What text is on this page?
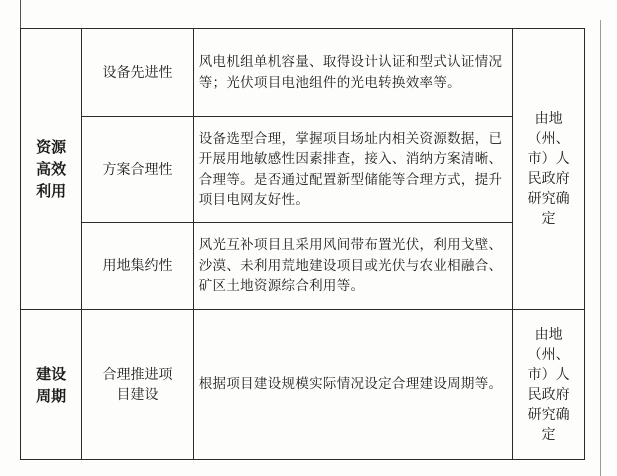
资源高效利用	设备先进性	风电机组单机容量、取得设计认证和型式认证情况等；光伏项目电池组件的光电转换效率等。	由地（州、市）人民政府研究确定
	方案合理性	设备选型合理，掌握项目场址内相关资源数据，已开展用地敏感性因素排查，接入、消纳方案清晰、合理等。是否通过配置新型储能等合理方式，提升项目电网友好性。	
	用地集约性	风光互补项目且采用风间带布置光伏，利用戈壁、沙漠、未利用荒地建设项目或光伏与农业相融合、矿区土地资源综合利用等。	
建设周期	合理推进项目建设	根据项目建设规模实际情况设定合理建设周期等。	由地（州、市）人民政府研究确定
